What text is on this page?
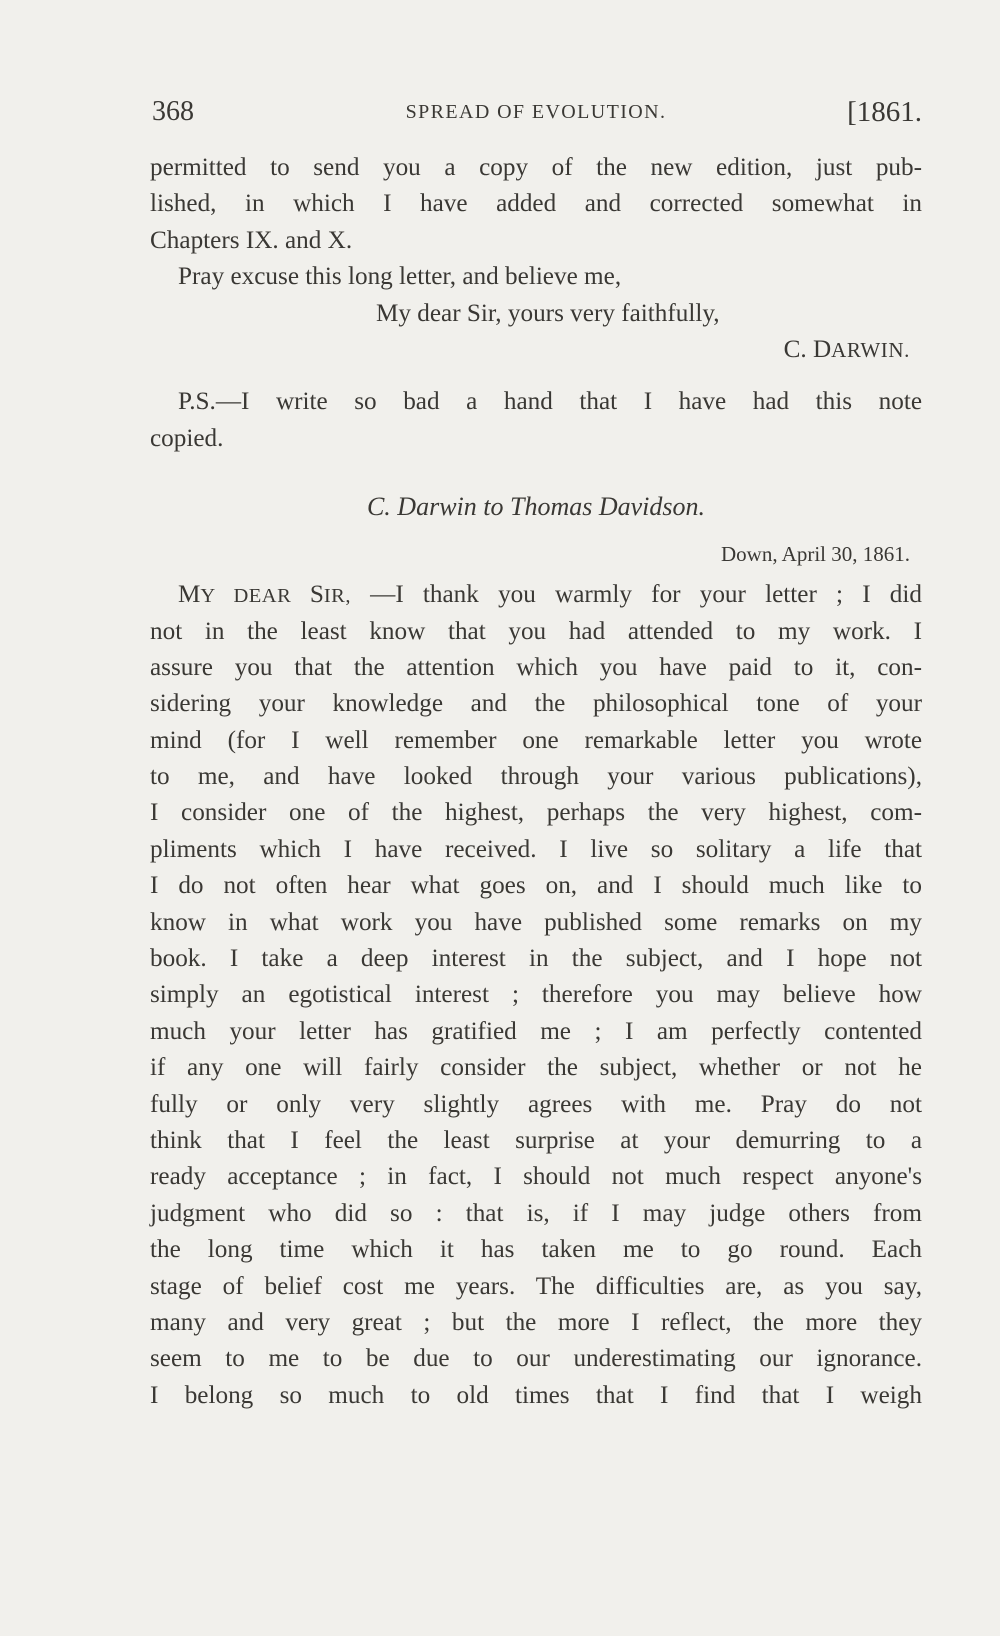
368	SPREAD OF EVOLUTION.	[1861.
permitted to send you a copy of the new edition, just pub-
lished, in which I have added and corrected somewhat in
Chapters IX. and X.
Pray excuse this long letter, and believe me,
My dear Sir, yours very faithfully,
C. DARWIN.
P.S.—I write so bad a hand that I have had this note
copied.
C. Darwin to Thomas Davidson.
Down, April 30, 1861.
MY DEAR SIR, —I thank you warmly for your letter ; I did
not in the least know that you had attended to my work. I
assure you that the attention which you have paid to it, con-
sidering your knowledge and the philosophical tone of your
mind (for I well remember one remarkable letter you wrote
to me, and have looked through your various publications),
I consider one of the highest, perhaps the very highest, com-
pliments which I have received. I live so solitary a life that
I do not often hear what goes on, and I should much like to
know in what work you have published some remarks on my
book. I take a deep interest in the subject, and I hope not
simply an egotistical interest ; therefore you may believe how
much your letter has gratified me ; I am perfectly contented
if any one will fairly consider the subject, whether or not he
fully or only very slightly agrees with me. Pray do not
think that I feel the least surprise at your demurring to a
ready acceptance ; in fact, I should not much respect anyone's
judgment who did so : that is, if I may judge others from
the long time which it has taken me to go round. Each
stage of belief cost me years. The difficulties are, as you say,
many and very great ; but the more I reflect, the more they
seem to me to be due to our underestimating our ignorance.
I belong so much to old times that I find that I weigh
